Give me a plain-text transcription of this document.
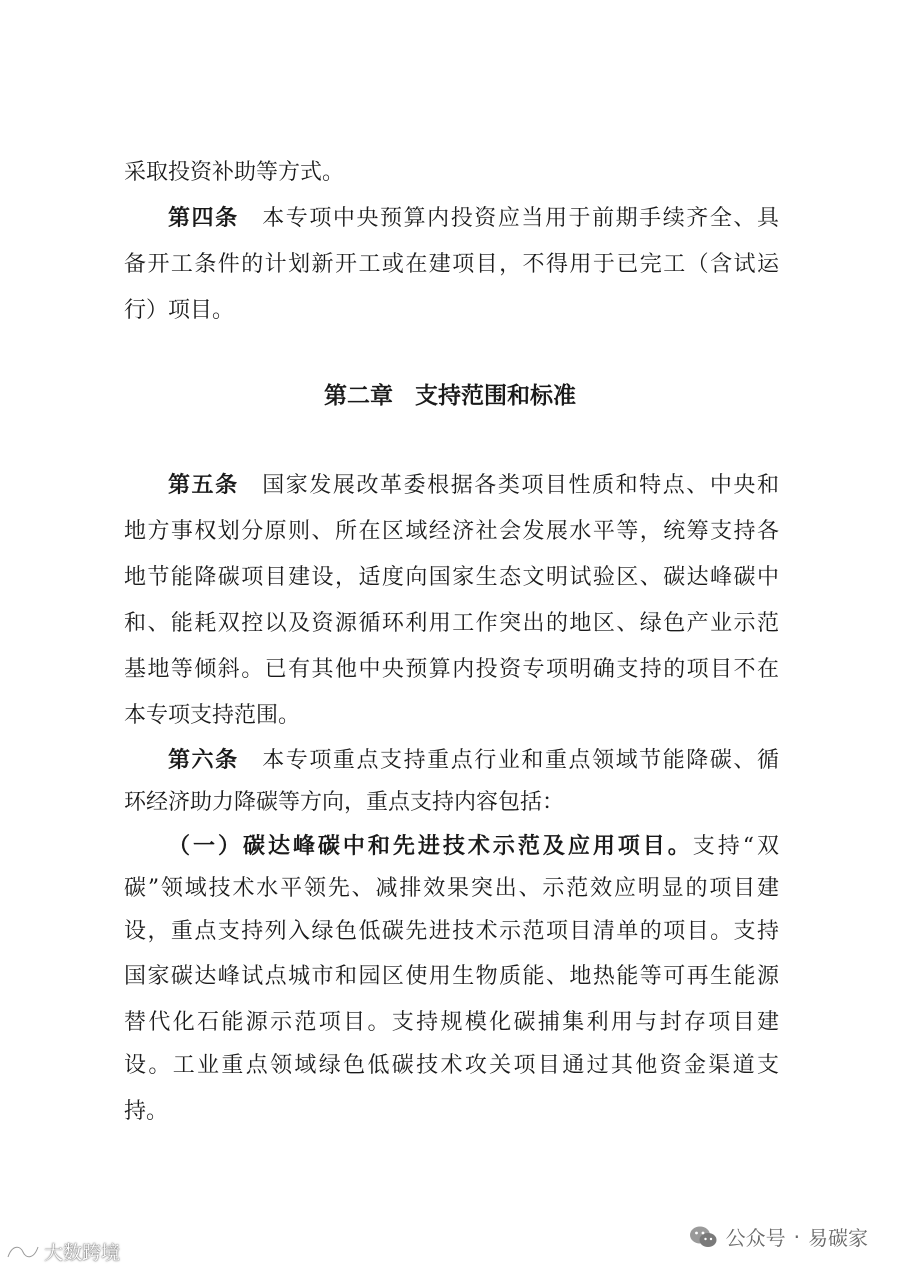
采取投资补助等方式。
第四条　 本专项中央预算内投资应当用于前期手续齐全、具
备开工条件的计划新开工或在建项目，不得用于已完工（含试运
行）项目。
第二章 支持范围和标准
第五条　 国家发展改革委根据各类项目性质和特点、中央和
地方事权划分原则、所在区域经济社会发展水平等，统筹支持各
地节能降碳项目建设，适度向国家生态文明试验区、碳达峰碳中
和、能耗双控以及资源循环利用工作突出的地区、绿色产业示范
基地等倾斜。已有其他中央预算内投资专项明确支持的项目不在
本专项支持范围。
第六条　 本专项重点支持重点行业和重点领域节能降碳、循
环经济助力降碳等方向，重点支持内容包括：
（一）碳达峰碳中和先进技术示范及应用项目。支持“双
碳”领域技术水平领先、减排效果突出、示范效应明显的项目建
设，重点支持列入绿色低碳先进技术示范项目清单的项目。支持
国家碳达峰试点城市和园区使用生物质能、地热能等可再生能源
替代化石能源示范项目。支持规模化碳捕集利用与封存项目建
设。工业重点领域绿色低碳技术攻关项目通过其他资金渠道支
持。
大数跨境
公众号 · 易碳家
